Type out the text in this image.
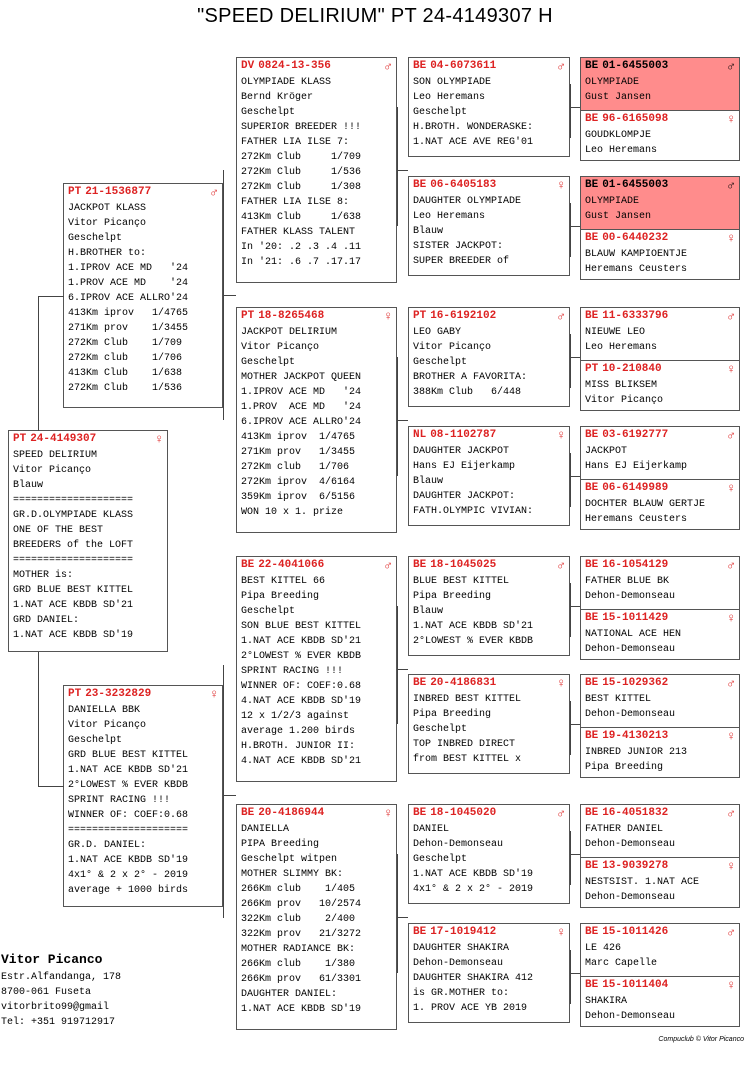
"SPEED DELIRIUM" PT 24-4149307 H
PT 24-4149307	♀
SPEED DELIRIUM
Vitor Picanço
Blauw
====================
GR.D.OLYMPIADE KLASS
ONE OF THE BEST
BREEDERS of the LOFT
====================
MOTHER is:
GRD BLUE BEST KITTEL
1.NAT ACE KBDB SD'21
GRD DANIEL:
1.NAT ACE KBDB SD'19
PT 21-1536877	♂
JACKPOT KLASS
Vitor Picanço
Geschelpt
H.BROTHER to:
1.IPROV ACE MD   '24
1.PROV ACE MD    '24
6.IPROV ACE ALLRO'24
413Km iprov   1/4765
271Km prov    1/3455
272Km Club    1/709
272Km club    1/706
413Km Club    1/638
272Km Club    1/536
PT 23-3232829	♀
DANIELLA BBK
Vitor Picanço
Geschelpt
GRD BLUE BEST KITTEL
1.NAT ACE KBDB SD'21
2°LOWEST % EVER KBDB
SPRINT RACING !!!
WINNER OF: COEF:0.68
====================
GR.D. DANIEL:
1.NAT ACE KBDB SD'19
4x1° & 2 x 2° - 2019
average + 1000 birds
DV 0824-13-356	♂
OLYMPIADE KLASS
Bernd Kröger
Geschelpt
SUPERIOR BREEDER !!!
FATHER LIA ILSE 7:
272Km Club     1/709
272Km Club     1/536
272Km Club     1/308
FATHER LIA ILSE 8:
413Km Club     1/638
FATHER KLASS TALENT
In '20: .2 .3 .4 .11
In '21: .6 .7 .17.17
PT 18-8265468	♀
JACKPOT DELIRIUM
Vitor Picanço
Geschelpt
MOTHER JACKPOT QUEEN
1.IPROV ACE MD   '24
1.PROV  ACE MD   '24
6.IPROV ACE ALLRO'24
413Km iprov  1/4765
271Km prov   1/3455
272Km club   1/706
272Km iprov  4/6164
359Km iprov  6/5156
WON 10 x 1. prize
BE 22-4041066	♂
BEST KITTEL 66
Pipa Breeding
Geschelpt
SON BLUE BEST KITTEL
1.NAT ACE KBDB SD'21
2°LOWEST % EVER KBDB
SPRINT RACING !!!
WINNER OF: COEF:0.68
4.NAT ACE KBDB SD'19
12 x 1/2/3 against
average 1.200 birds
H.BROTH. JUNIOR II:
4.NAT ACE KBDB SD'21
BE 20-4186944	♀
DANIELLA
PIPA Breeding
Geschelpt witpen
MOTHER SLIMMY BK:
266Km club    1/405
266Km prov   10/2574
322Km club    2/400
322Km prov   21/3272
MOTHER RADIANCE BK:
266Km club    1/380
266Km prov   61/3301
DAUGHTER DANIEL:
1.NAT ACE KBDB SD'19
BE 04-6073611	♂
SON OLYMPIADE
Leo Heremans
Geschelpt
H.BROTH. WONDERASKE:
1.NAT ACE AVE REG'01
BE 06-6405183	♀
DAUGHTER OLYMPIADE
Leo Heremans
Blauw
SISTER JACKPOT:
SUPER BREEDER of
PT 16-6192102	♂
LEO GABY
Vitor Picanço
Geschelpt
BROTHER A FAVORITA:
388Km Club   6/448
NL 08-1102787	♀
DAUGHTER JACKPOT
Hans EJ Eijerkamp
Blauw
DAUGHTER JACKPOT:
FATH.OLYMPIC VIVIAN:
BE 18-1045025	♂
BLUE BEST KITTEL
Pipa Breeding
Blauw
1.NAT ACE KBDB SD'21
2°LOWEST % EVER KBDB
BE 20-4186831	♀
INBRED BEST KITTEL
Pipa Breeding
Geschelpt
TOP INBRED DIRECT
from BEST KITTEL x
BE 18-1045020	♂
DANIEL
Dehon-Demonseau
Geschelpt
1.NAT ACE KBDB SD'19
4x1° & 2 x 2° - 2019
BE 17-1019412	♀
DAUGHTER SHAKIRA
Dehon-Demonseau
DAUGHTER SHAKIRA 412
is GR.MOTHER to:
1. PROV ACE YB 2019
BE 01-6455003	♂
OLYMPIADE
Gust Jansen
BE 96-6165098	♀
GOUDKLOMPJE
Leo Heremans
BE 01-6455003	♂
OLYMPIADE
Gust Jansen
BE 00-6440232	♀
BLAUW KAMPIOENTJE
Heremans Ceusters
BE 11-6333796	♂
NIEUWE LEO
Leo Heremans
PT 10-210840	♀
MISS BLIKSEM
Vitor Picanço
BE 03-6192777	♂
JACKPOT
Hans EJ Eijerkamp
BE 06-6149989	♀
DOCHTER BLAUW GERTJE
Heremans Ceusters
BE 16-1054129	♂
FATHER BLUE BK
Dehon-Demonseau
BE 15-1011429	♀
NATIONAL ACE HEN
Dehon-Demonseau
BE 15-1029362	♂
BEST KITTEL
Dehon-Demonseau
BE 19-4130213	♀
INBRED JUNIOR 213
Pipa Breeding
BE 16-4051832	♂
FATHER DANIEL
Dehon-Demonseau
BE 13-9039278	♀
NESTSIST. 1.NAT ACE
Dehon-Demonseau
BE 15-1011426	♂
LE 426
Marc Capelle
BE 15-1011404	♀
SHAKIRA
Dehon-Demonseau
Vitor Picanco
Estr.Alfandanga, 178
8700-061 Fuseta
vitorbrito99@gmail
Tel: +351 919712917
Compuclub © Vitor Picanco
